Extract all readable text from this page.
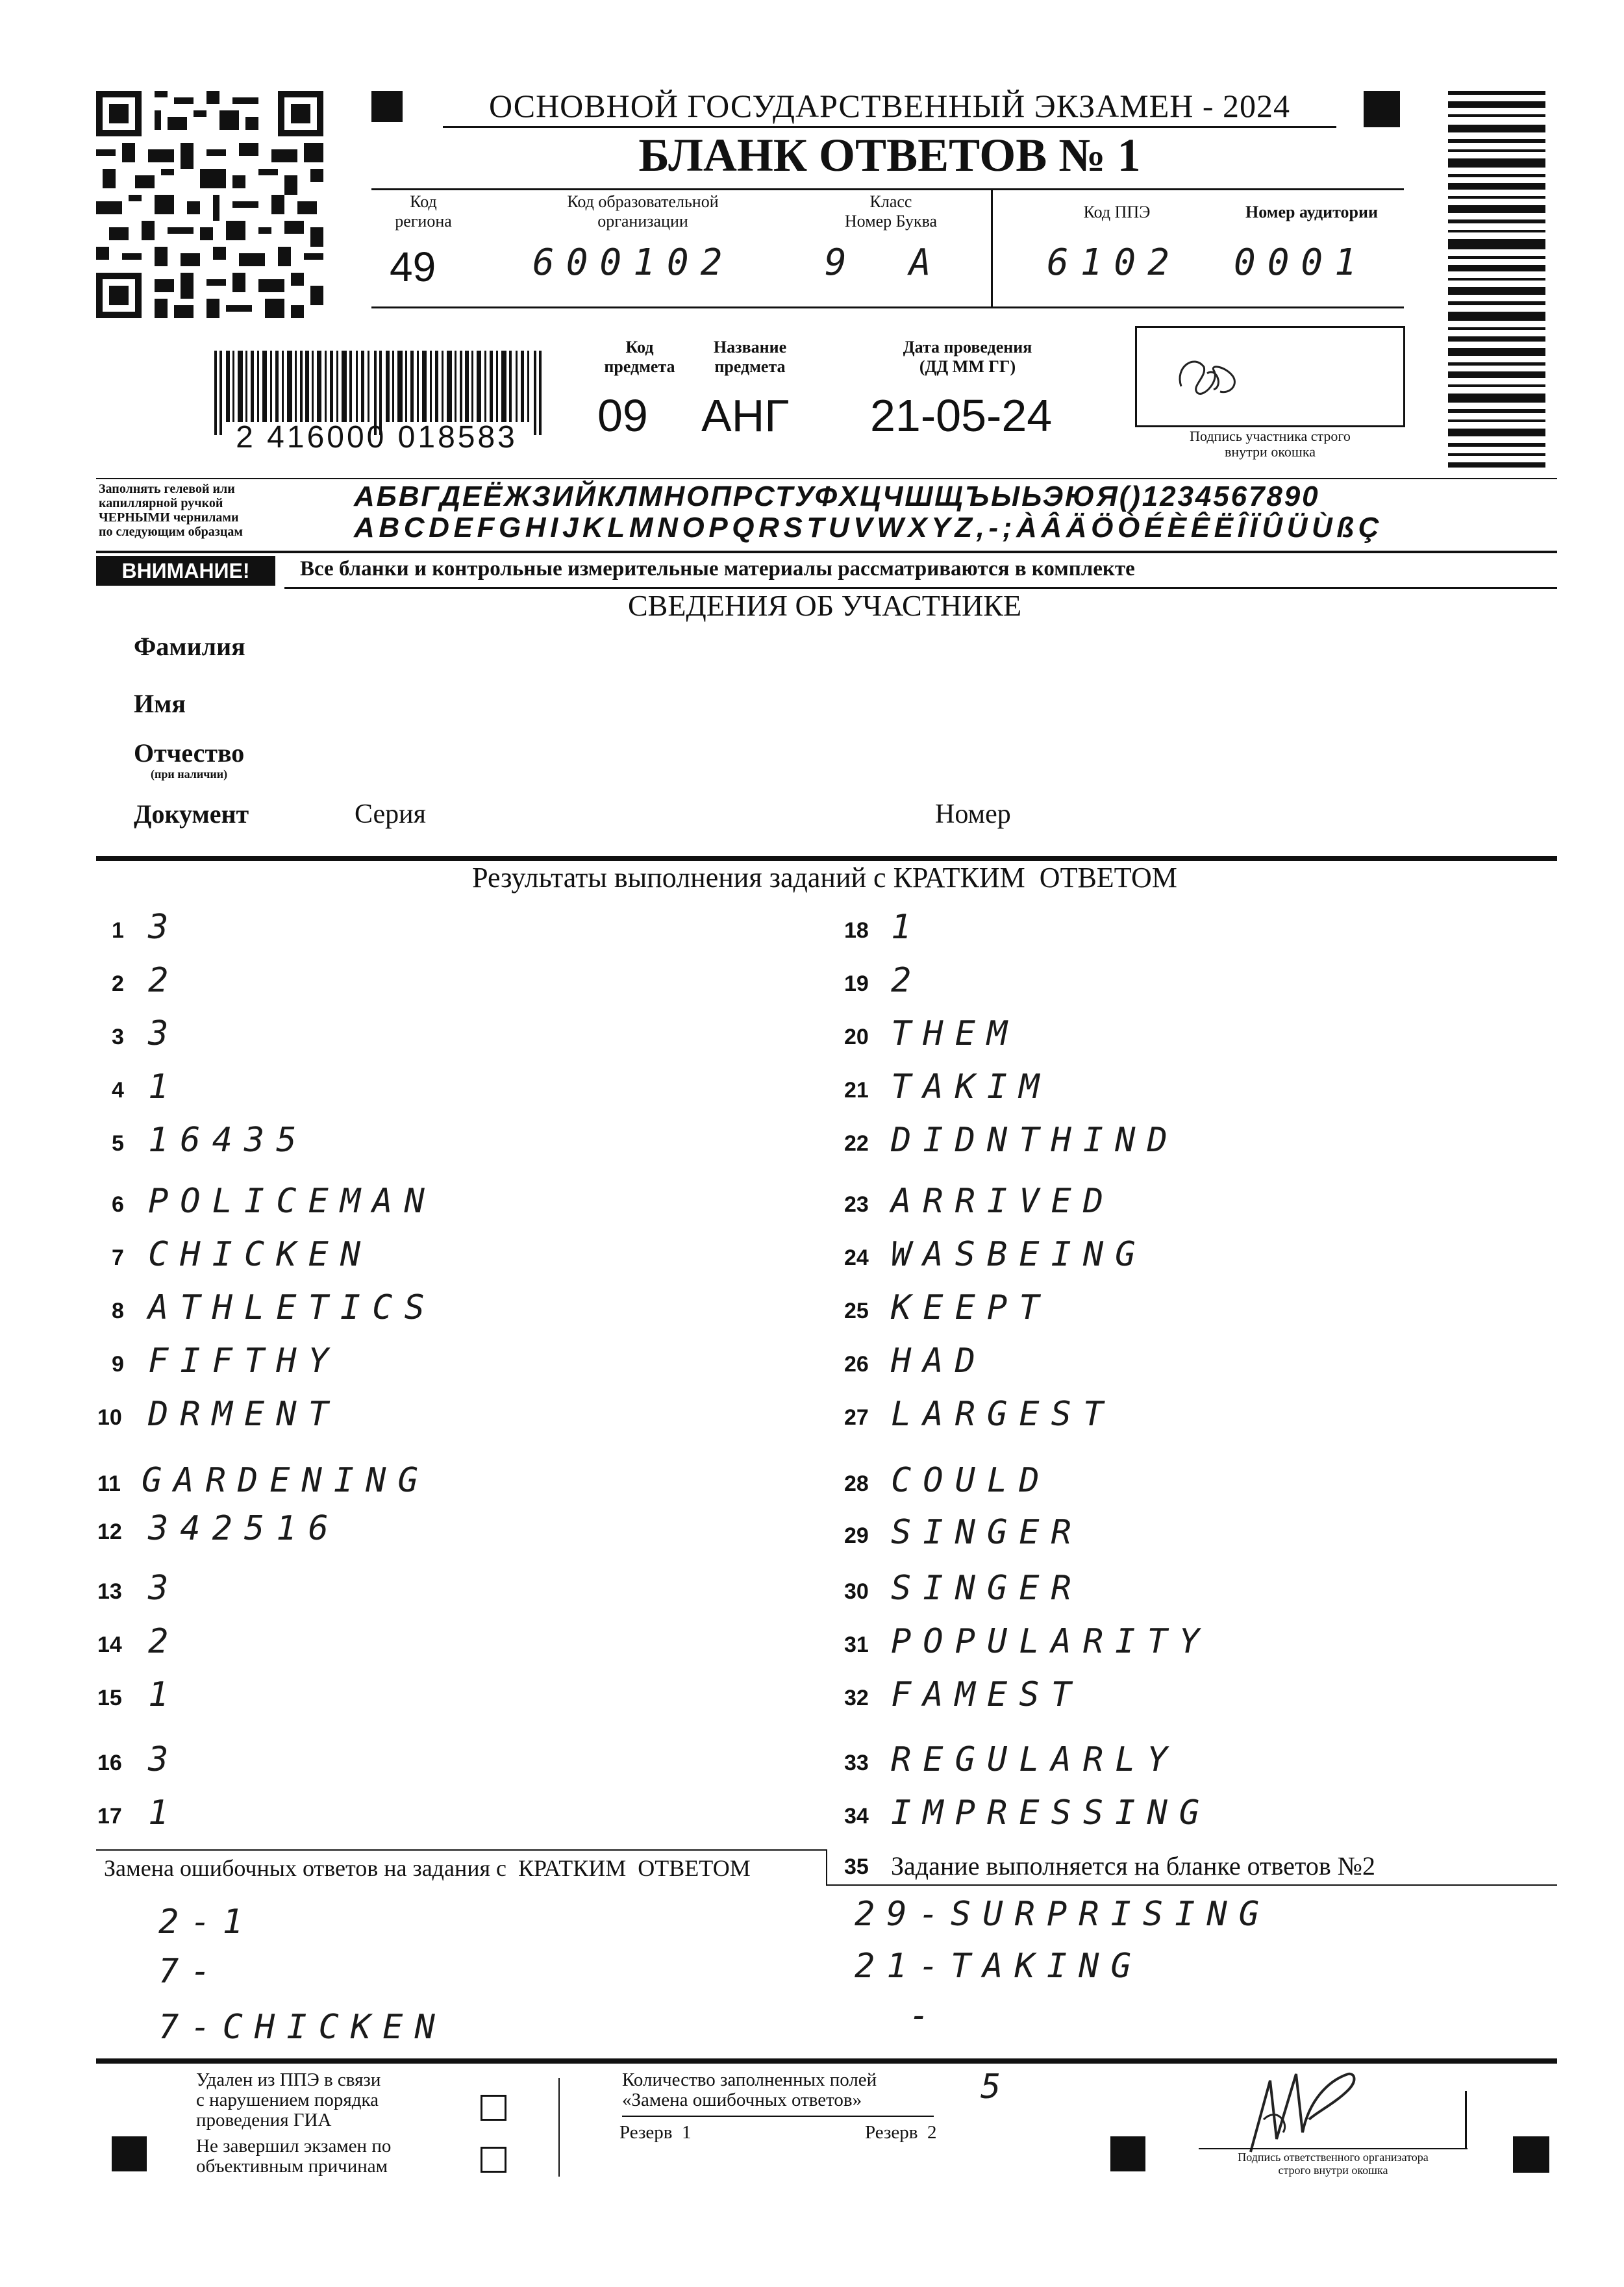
ОСНОВНОЙ ГОСУДАРСТВЕННЫЙ ЭКЗАМЕН - 2024
БЛАНК ОТВЕТОВ № 1
Код
региона
49
Код образовательной
организации
600102
Класс
Номер Буква
9 А
Код ППЭ
6102
Номер аудитории
0001
2 416000 018583
Код
предмета
09
Название
предмета
АНГ
Дата проведения
(ДД ММ ГГ)
21-05-24	Подпись участника строго
внутри окошка
Заполнять гелевой или
капиллярной ручкой
ЧЕРНЫМИ чернилами
по следующим образцам
АБВГДЕЁЖЗИЙКЛМНОПРСТУФХЦЧШЩЪЫЬЭЮЯ()1234567890
ABCDEFGHIJKLMNOPQRSTUVWXYZ,-;ÀÂÄÖÒÉÈÊËÎÏÛÜÙßÇ
ВНИМАНИЕ!	Все бланки и контрольные измерительные материалы рассматриваются в комплекте
СВЕДЕНИЯ ОБ УЧАСТНИКЕ
Фамилия
Имя
Отчество
(при наличии)
Документ	Серия	Номер
Результаты выполнения заданий с КРАТКИМ  ОТВЕТОМ
1 3
2 2
3 3
4 1
5 16435
6 POLICEMAN
7 CHICKEN
8 ATHLETICS
9 FIFTHY
10 DRMENT
11 GARDENING
12 342516
13 3
14 2
15 1
16 3
17 1
18 1
19 2
20 THEM
21 TAKIM
22 DIDNTHIND
23 ARRIVED
24 WASBEING
25 KEEPT
26 HAD
27 LARGEST
28 COULD
29 SINGER
30 SINGER
31 POPULARITY
32 FAMEST
33 REGULARLY
34 IMPRESSING
Замена ошибочных ответов на задания с  КРАТКИМ  ОТВЕТОМ	35 Задание выполняется на бланке ответов №2
2-1
7-
7-CHICKEN
29-SURPRISING
21-TAKING
-
Удален из ППЭ в связи
с нарушением порядка
проведения ГИА
Не завершил экзамен по
объективным причинам
Количество заполненных полей
«Замена ошибочных ответов»	5
Резерв  1	Резерв  2
Подпись ответственного организатора
строго внутри окошка
